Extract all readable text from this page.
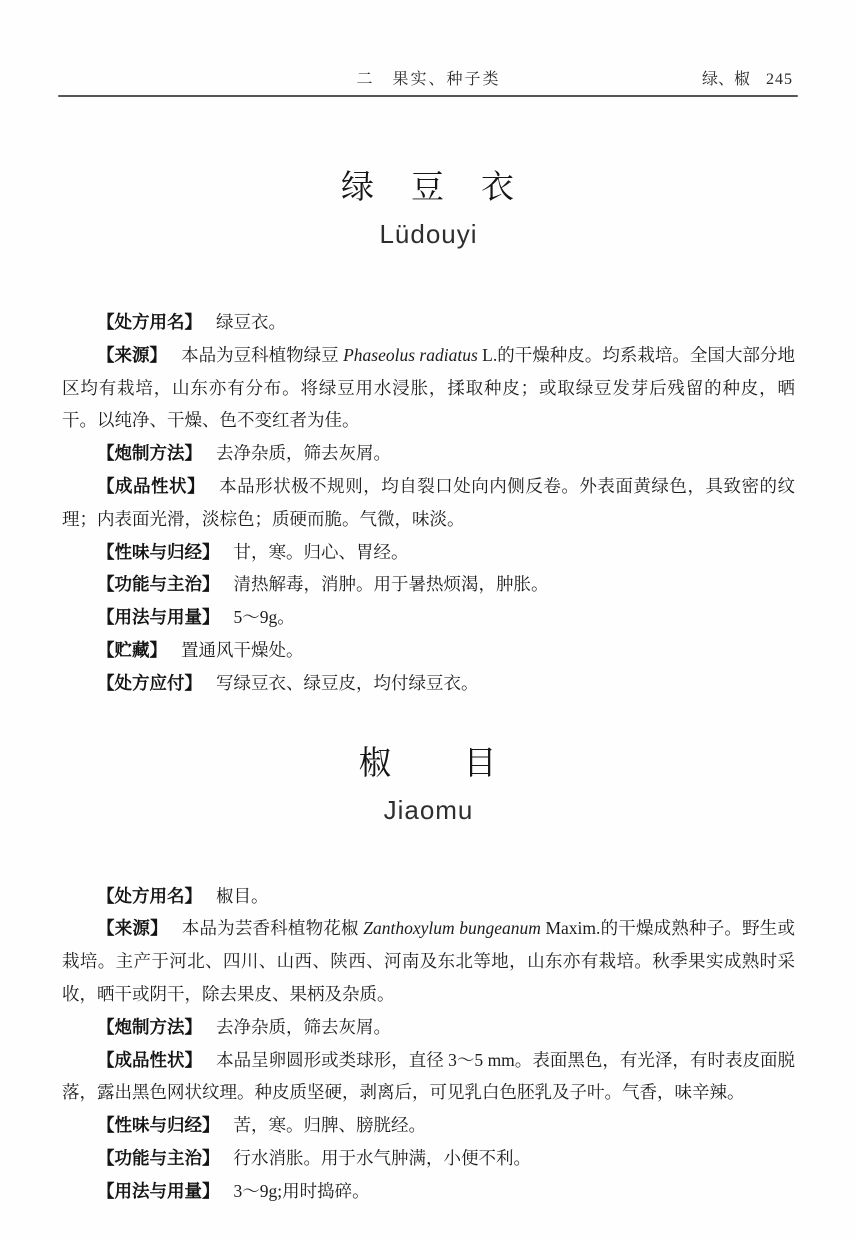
二　果实、种子类	绿、椒 245
绿　豆　衣
Lüdouyi

【处方用名】 绿豆衣。

【来源】 本品为豆科植物绿豆 Phaseolus radiatus L.的干燥种皮。均系栽培。全国大部分地区均有栽培，山东亦有分布。将绿豆用水浸胀，揉取种皮；或取绿豆发芽后残留的种皮，晒干。以纯净、干燥、色不变红者为佳。

【炮制方法】 去净杂质，筛去灰屑。

【成品性状】 本品形状极不规则，均自裂口处向内侧反卷。外表面黄绿色，具致密的纹理；内表面光滑，淡棕色；质硬而脆。气微，味淡。

【性味与归经】 甘，寒。归心、胃经。

【功能与主治】 清热解毒，消肿。用于暑热烦渴，肿胀。

【用法与用量】 5～9g。

【贮藏】 置通风干燥处。

【处方应付】 写绿豆衣、绿豆皮，均付绿豆衣。

椒　　目
Jiaomu

【处方用名】 椒目。

【来源】 本品为芸香科植物花椒 Zanthoxylum bungeanum Maxim.的干燥成熟种子。野生或栽培。主产于河北、四川、山西、陕西、河南及东北等地，山东亦有栽培。秋季果实成熟时采收，晒干或阴干，除去果皮、果柄及杂质。

【炮制方法】 去净杂质，筛去灰屑。

【成品性状】 本品呈卵圆形或类球形，直径 3～5 mm。表面黑色，有光泽，有时表皮面脱落，露出黑色网状纹理。种皮质坚硬，剥离后，可见乳白色胚乳及子叶。气香，味辛辣。

【性味与归经】 苦，寒。归脾、膀胱经。

【功能与主治】 行水消胀。用于水气肿满，小便不利。

【用法与用量】 3～9g;用时捣碎。
